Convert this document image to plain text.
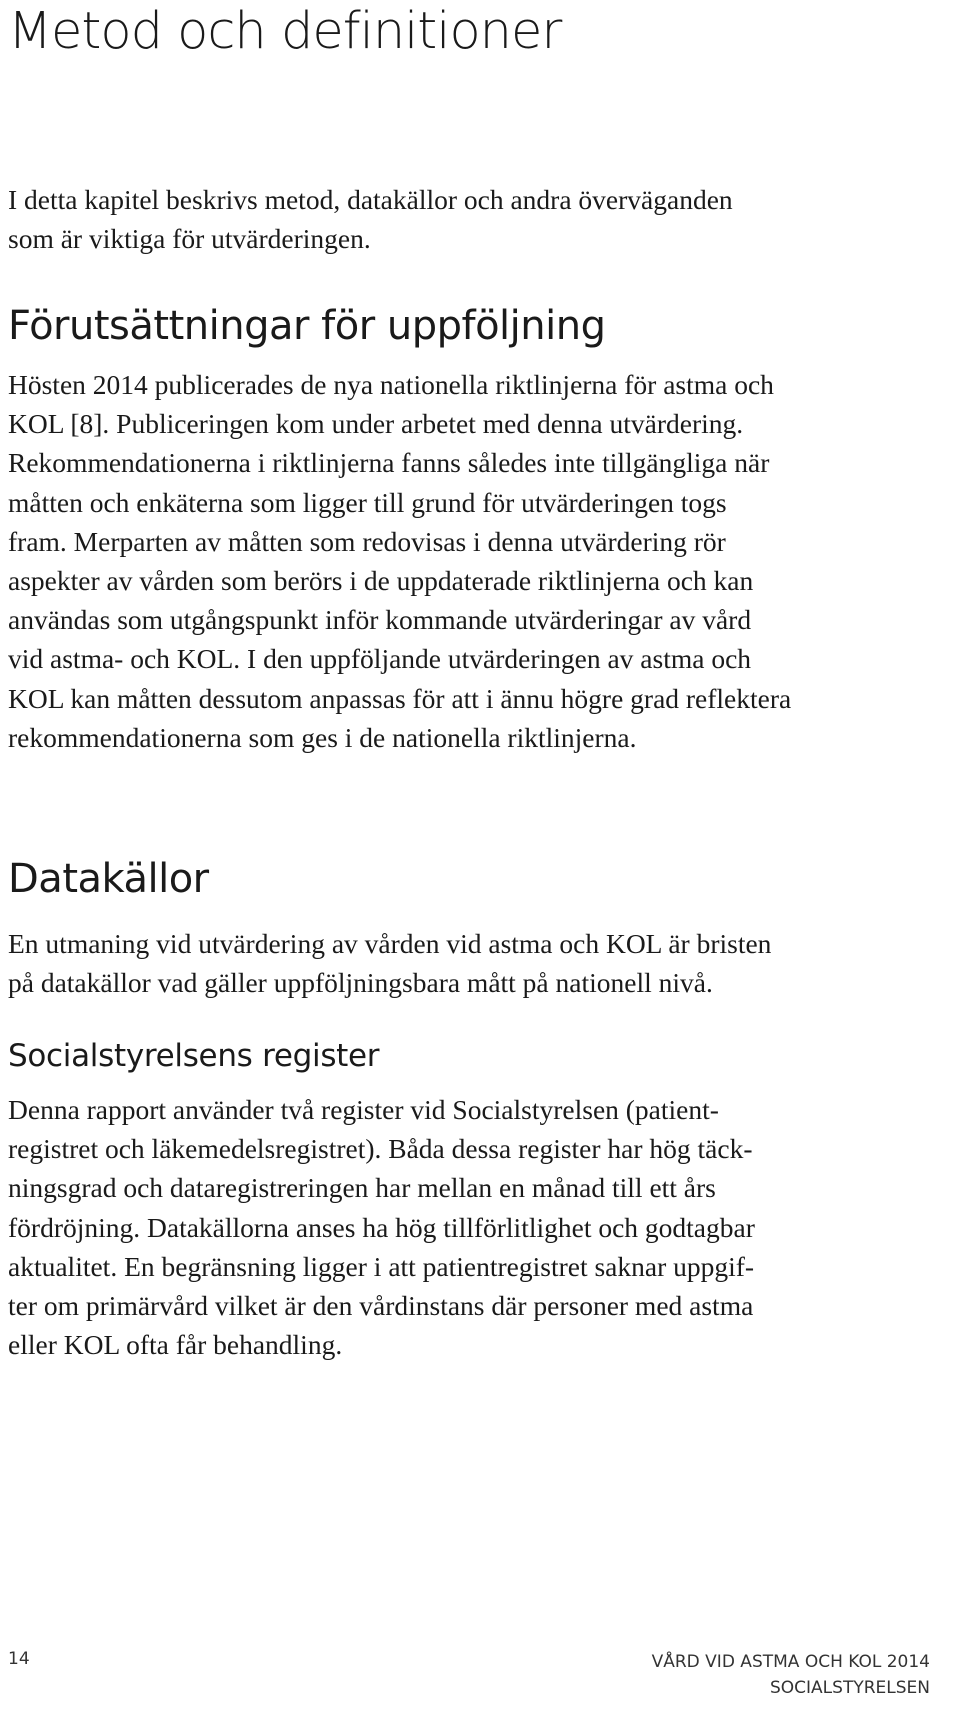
Metod och definitioner
I detta kapitel beskrivs metod, datakällor och andra överväganden
som är viktiga för utvärderingen.
Förutsättningar för uppföljning
Hösten 2014 publicerades de nya nationella riktlinjerna för astma och
KOL [8]. Publiceringen kom under arbetet med denna utvärdering.
Rekommendationerna i riktlinjerna fanns således inte tillgängliga när
måtten och enkäterna som ligger till grund för utvärderingen togs
fram. Merparten av måtten som redovisas i denna utvärdering rör
aspekter av vården som berörs i de uppdaterade riktlinjerna och kan
användas som utgångspunkt inför kommande utvärderingar av vård
vid astma- och KOL. I den uppföljande utvärderingen av astma och
KOL kan måtten dessutom anpassas för att i ännu högre grad reflektera
rekommendationerna som ges i de nationella riktlinjerna.
Datakällor
En utmaning vid utvärdering av vården vid astma och KOL är bristen
på datakällor vad gäller uppföljningsbara mått på nationell nivå.
Socialstyrelsens register
Denna rapport använder två register vid Socialstyrelsen (patient-
registret och läkemedelsregistret). Båda dessa register har hög täck-
ningsgrad och dataregistreringen har mellan en månad till ett års
fördröjning. Datakällorna anses ha hög tillförlitlighet och godtagbar
aktualitet. En begränsning ligger i att patientregistret saknar uppgif-
ter om primärvård vilket är den vårdinstans där personer med astma
eller KOL ofta får behandling.
14	VÅRD VID ASTMA OCH KOL 2014
SOCIALSTYRELSEN
